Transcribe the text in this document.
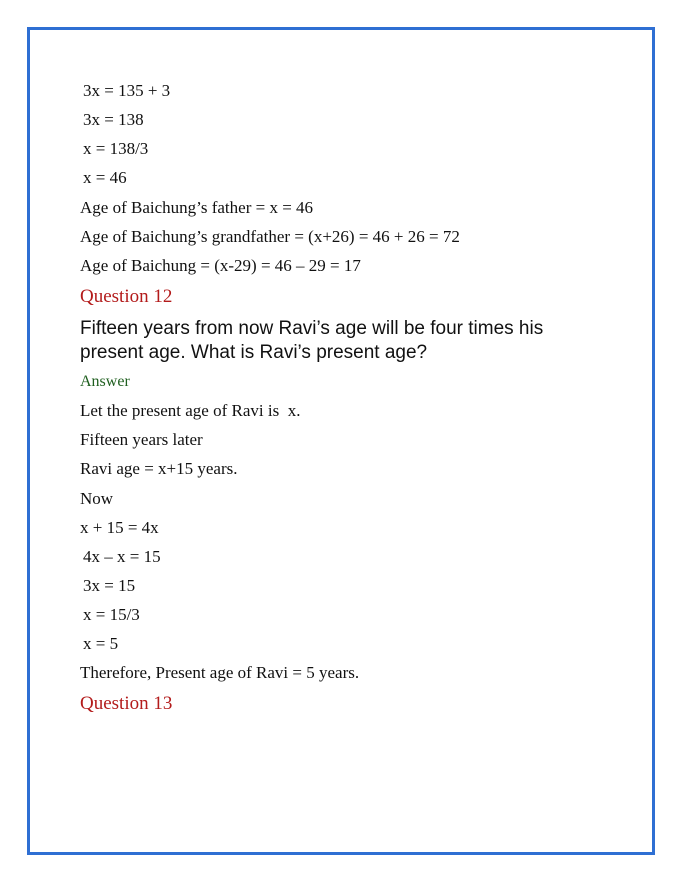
3x = 135 + 3
3x = 138
x = 138/3
x = 46
Age of Baichung’s father = x = 46
Age of Baichung’s grandfather = (x+26) = 46 + 26 = 72
Age of Baichung = (x-29) = 46 – 29 = 17
Question 12
Fifteen years from now Ravi’s age will be four times his present age. What is Ravi’s present age?
Answer
Let the present age of Ravi is  x.
Fifteen years later
Ravi age = x+15 years.
Now
x + 15 = 4x
4x – x = 15
3x = 15
x = 15/3
x = 5
Therefore, Present age of Ravi = 5 years.
Question 13
